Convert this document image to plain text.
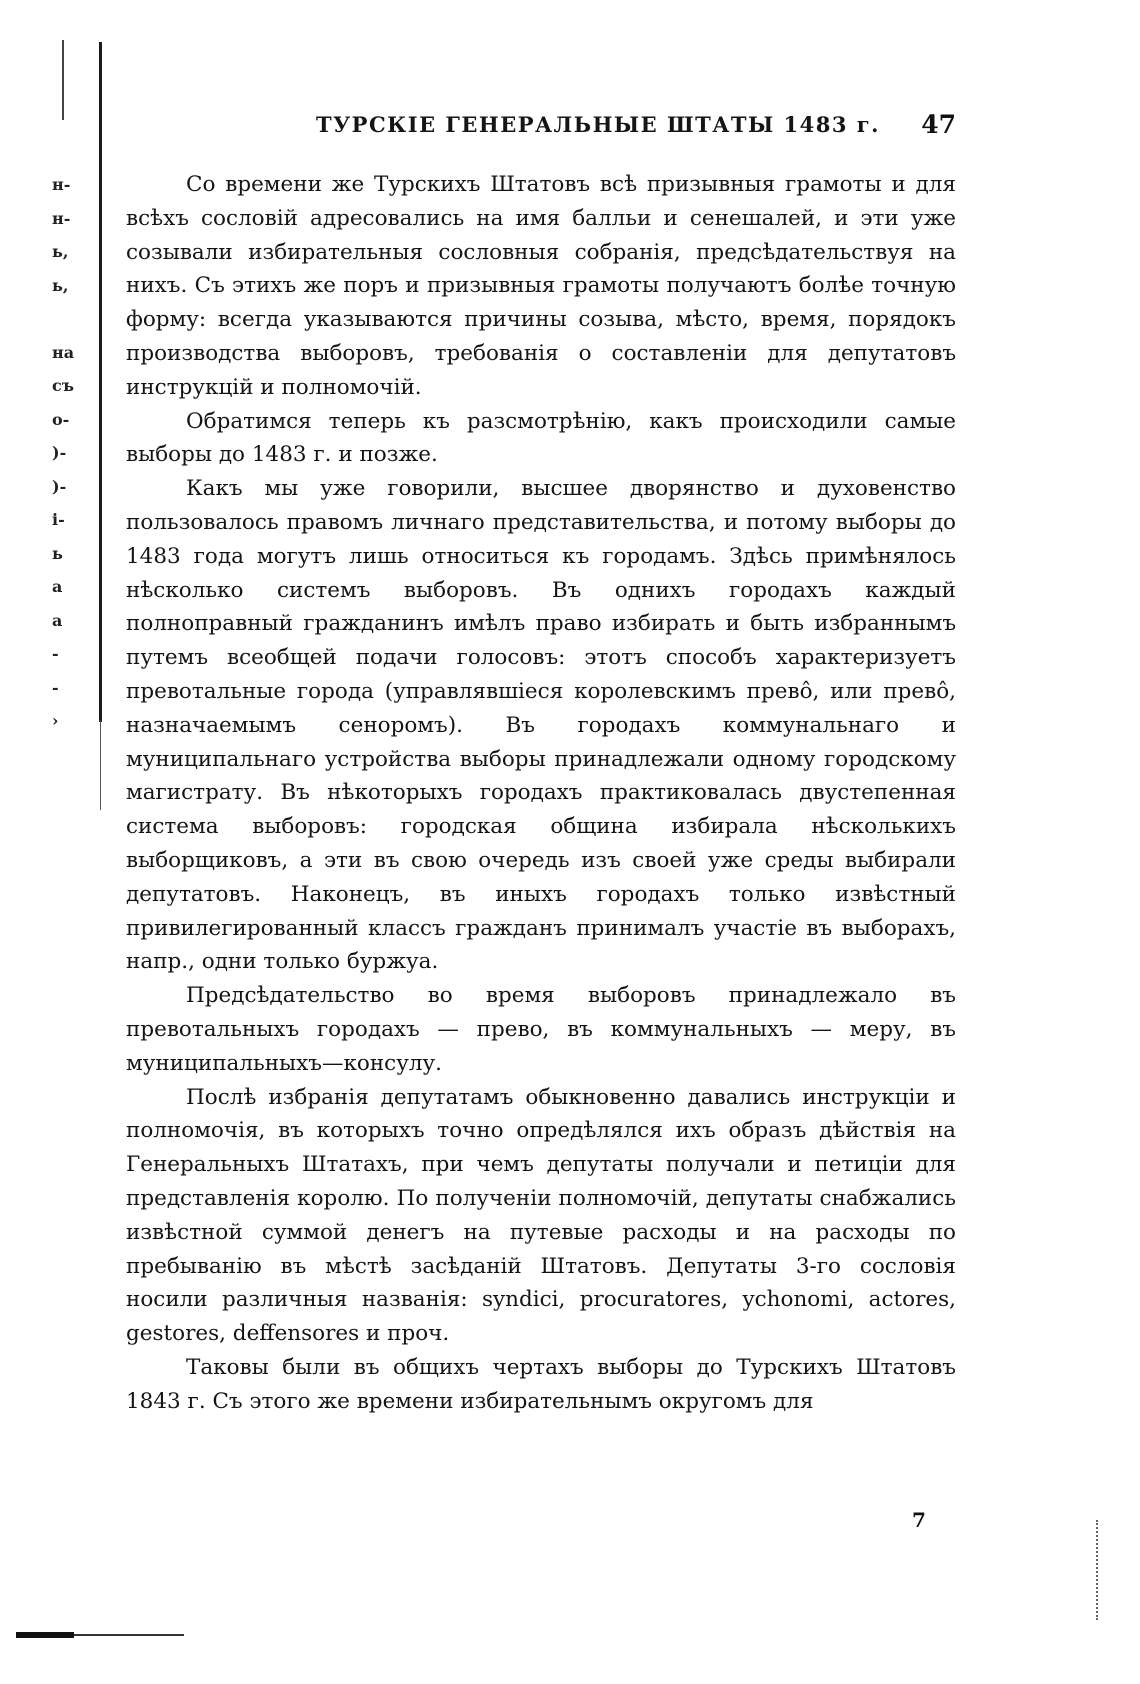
н-
н-
ь,
ь,
на
съ
о-
)-
)-
і-
ь
а
а
-
-
›
ТУРСКІЕ ГЕНЕРАЛЬНЫЕ ШТАТЫ 1483 г. 47

Со времени же Турскихъ Штатовъ всѣ призывныя грамоты и для всѣхъ сословій адресовались на имя балльи и сенешалей, и эти уже созывали избирательныя сословныя собранія, предсѣдательствуя на нихъ. Съ этихъ же поръ и призывныя грамоты получаютъ болѣе точную форму: всегда указываются причины созыва, мѣсто, время, порядокъ производства выборовъ, требованія о составленіи для депутатовъ инструкцій и полномочій.

Обратимся теперь къ разсмотрѣнію, какъ происходили самые выборы до 1483 г. и позже.

Какъ мы уже говорили, высшее дворянство и духовенство пользовалось правомъ личнаго представительства, и потому выборы до 1483 года могутъ лишь относиться къ городамъ. Здѣсь примѣнялось нѣсколько системъ выборовъ. Въ однихъ городахъ каждый полноправный гражданинъ имѣлъ право избирать и быть избраннымъ путемъ всеобщей подачи голосовъ: этотъ способъ характеризуетъ превотальные города (управлявшіеся королевскимъ превô, или превô, назначаемымъ сеноромъ). Въ городахъ коммунальнаго и муниципальнаго устройства выборы принадлежали одному городскому магистрату. Въ нѣкоторыхъ городахъ практиковалась двустепенная система выборовъ: городская община избирала нѣсколькихъ выборщиковъ, а эти въ свою очередь изъ своей уже среды выбирали депутатовъ. Наконецъ, въ иныхъ городахъ только извѣстный привилегированный классъ гражданъ принималъ участіе въ выборахъ, напр., одни только буржуа.

Предсѣдательство во время выборовъ принадлежало въ превотальныхъ городахъ — прево, въ коммунальныхъ — меру, въ муниципальныхъ—консулу.

Послѣ избранія депутатамъ обыкновенно давались инструкціи и полномочія, въ которыхъ точно опредѣлялся ихъ образъ дѣйствія на Генеральныхъ Штатахъ, при чемъ депутаты получали и петиціи для представленія королю. По полученіи полномочій, депутаты снабжались извѣстной суммой денегъ на путевые расходы и на расходы по пребыванію въ мѣстѣ засѣданій Штатовъ. Депутаты 3-го сословія носили различныя названія: syndici, procuratores, ychonomi, actores, gestores, deffensores и проч.

Таковы были въ общихъ чертахъ выборы до Турскихъ Штатовъ 1843 г. Съ этого же времени избирательнымъ округомъ для

7
